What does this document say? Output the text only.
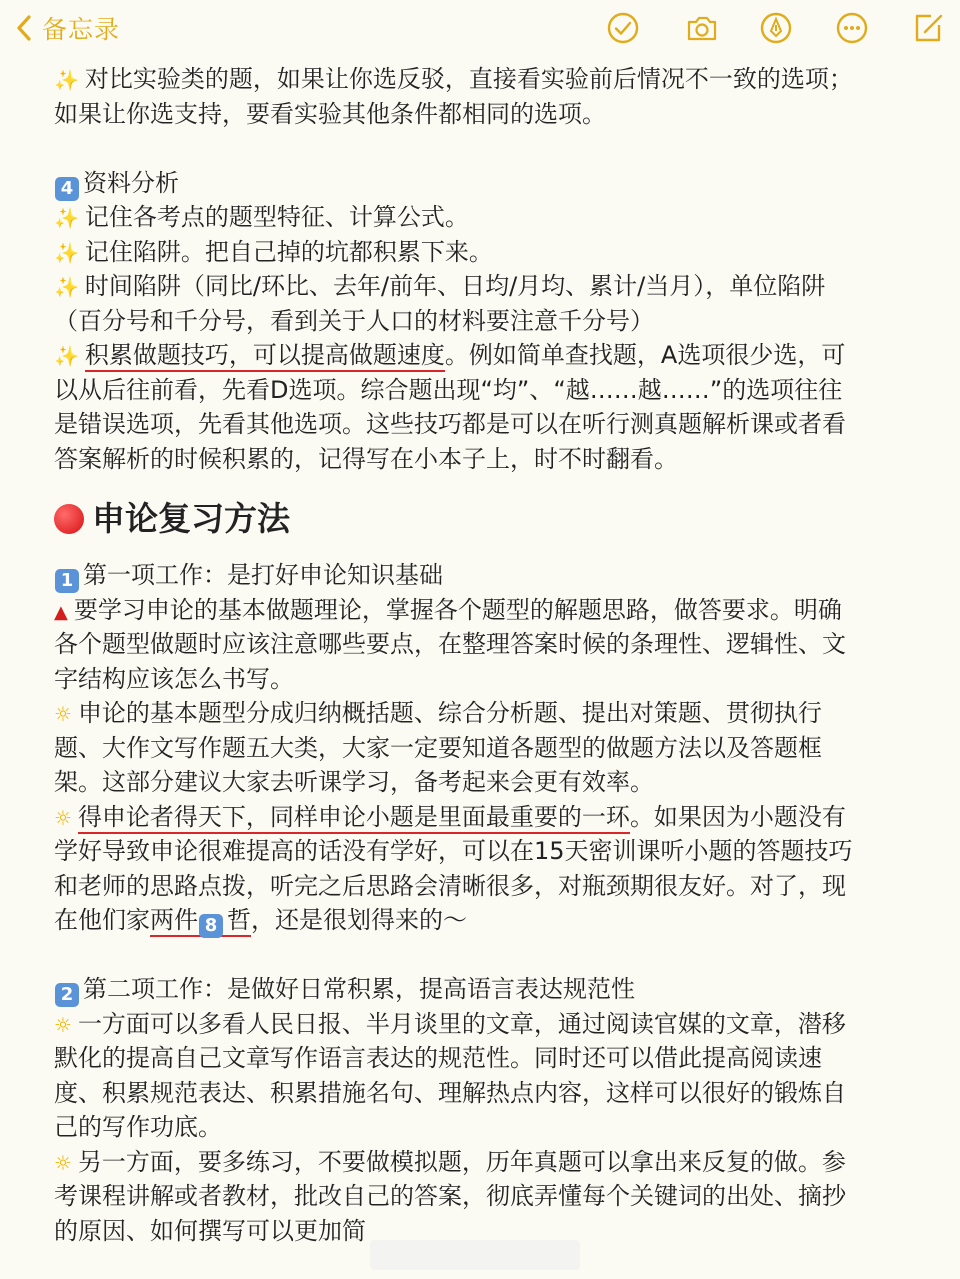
备忘录
✨ 对比实验类的题，如果让你选反驳，直接看实验前后情况不一致的选项；
如果让你选支持，要看实验其他条件都相同的选项。
4 资料分析
✨ 记住各考点的题型特征、计算公式。
✨ 记住陷阱。把自己掉的坑都积累下来。
✨ 时间陷阱（同比/环比、去年/前年、日均/月均、累计/当月），单位陷阱
（百分号和千分号，看到关于人口的材料要注意千分号）
✨ 积累做题技巧，可以提高做题速度。例如简单查找题，A选项很少选，可
以从后往前看，先看D选项。综合题出现“均”、“越……越……”的选项往往
是错误选项，先看其他选项。这些技巧都是可以在听行测真题解析课或者看
答案解析的时候积累的，记得写在小本子上，时不时翻看。
申论复习方法
1 第一项工作：是打好申论知识基础
▲ 要学习申论的基本做题理论，掌握各个题型的解题思路，做答要求。明确
各个题型做题时应该注意哪些要点，在整理答案时候的条理性、逻辑性、文
字结构应该怎么书写。
☼ 申论的基本题型分成归纳概括题、综合分析题、提出对策题、贯彻执行
题、大作文写作题五大类，大家一定要知道各题型的做题方法以及答题框
架。这部分建议大家去听课学习，备考起来会更有效率。
☼ 得申论者得天下，同样申论小题是里面最重要的一环。如果因为小题没有
学好导致申论很难提高的话没有学好，可以在15天密训课听小题的答题技巧
和老师的思路点拨，听完之后思路会清晰很多，对瓶颈期很友好。对了，现
在他们家两件 8 哲，还是很划得来的～
2 第二项工作：是做好日常积累，提高语言表达规范性
☼ 一方面可以多看人民日报、半月谈里的文章，通过阅读官媒的文章，潜移
默化的提高自己文章写作语言表达的规范性。同时还可以借此提高阅读速
度、积累规范表达、积累措施名句、理解热点内容，这样可以很好的锻炼自
己的写作功底。
☼ 另一方面，要多练习，不要做模拟题，历年真题可以拿出来反复的做。参
考课程讲解或者教材，批改自己的答案，彻底弄懂每个关键词的出处、摘抄
的原因、如何撰写可以更加简
